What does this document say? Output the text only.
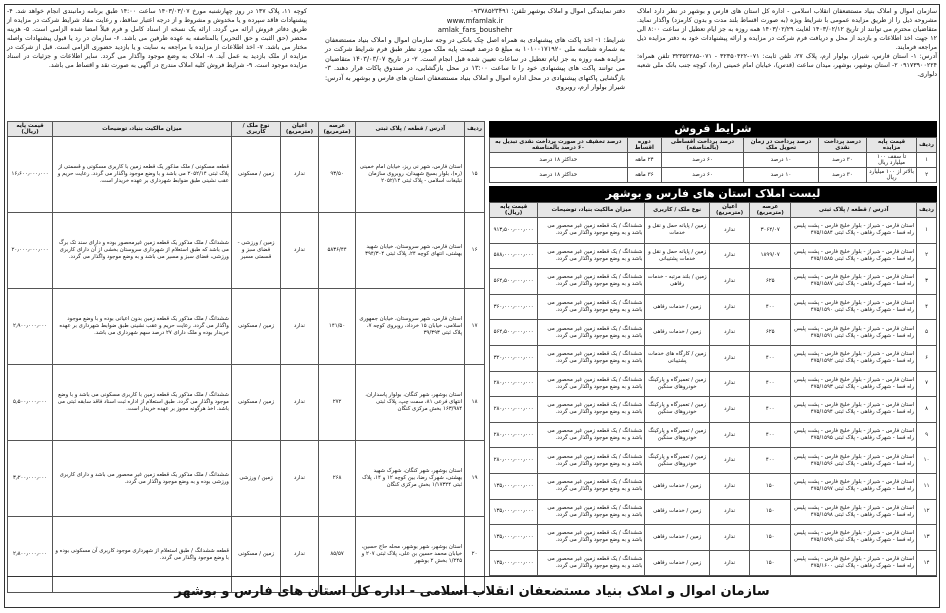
سازمان اموال و املاک بنیاد مستضعفان انقلاب اسلامی - اداره کل استان های فارس و بوشهر در نظر دارد املاک مشروحه ذیل را از طریق مزایده عمومی با شرایط ویژه (به صورت اقساط بلند مدت و بدون کارمزد) واگذار نماید. متقاضیان محترم می توانند از تاریخ ۱۴۰۳/۰۲/۱۲ لغایت ۱۴۰۳/۰۲/۲۹ همه روزه به جز ایام تعطیل از ساعت ۸:۰۰ الی ۱۲ جهت اخذ اطلاعات و بازدید از محل و دریافت فرم شرکت در مزایده و ارائه پیشنهادات خود به دفتر مزایده ذیل مراجعه فرمایند.
آدرس: ۱- استان فارس، شیراز، بولوار ارم، پلاک ۲۷، تلفن ثابت: ۰۷۱-۳۲۳۵۰۴۲۲ - ۰۷۱-۳۲۳۵۲۲۸۵ تلفن همراه: ۰۹۱۷۳۹۰۰۲۲۴ ۲- استان بوشهر، بوشهر، میدان ساعت (قدس)، خیابان امام خمینی (ره)، کوچه جنب بانک ملی شعبه دلواری.
دفتر نمایندگی اموال و املاک بوشهر تلفن: ۰۹۳۷۸۵۲۳۴۹۱
www.mfamlak.ir
amlak_fars_boushehr
شرایط: ۱- اخذ پاکت های پیشنهادی به همراه اصل چک بانکی در وجه سازمان اموال و املاک بنیاد مستضعفان به شماره شناسه ملی ۱۰۱۰۰۱۷۱۹۲۰ به مبلغ ۵ درصد قیمت پایه ملک مورد نظر طبق فرم شرایط شرکت در مزایده همه روزه به جز ایام تعطیل در ساعات تعیین شده قبل انجام است. ۲- در تاریخ ۱۴۰۳/۰۳/۰۷ متقاضیان می توانند پاکت های پیشنهادی خود را تا ساعت ۱۳:۰۰ در محل بازگشایی، در صندوق پاکات قرار دهند. ۳- بازگشایی پاکتهای پیشنهادی در محل اداره اموال و املاک بنیاد مستضعفان استان های فارس و بوشهر به آدرس: شیراز بولوار ارم، روبروی
کوچه ۱۱، پلاک ۱۳۷ در روز چهارشنبه مورخ ۱۴۰۳/۰۳/۰۷ ساعت ۱۴:۰۰ طبق برنامه زمانبندی انجام خواهد شد. ۴- پیشنهادات فاقد سپرده و یا مخدوش و مشروط و از درجه اعتبار ساقط، و رعایت مفاد شرایط شرکت در مزایده از طریق دفاتر فروش ارائه می گردد. ارائه یک نسخه از اسناد کامل و فرم قبلاً امضا شده الزامی است. ۵- هزینه محضر (حق الثبت و حق التحریر) بالمناصفه به عهده طرفین می باشد. ۶- سازمان در رد یا قبول پیشنهادات واصله مختار می باشد. ۷- اخذ اطلاعات از مزایده با مراجعه به سایت و یا بازدید حضوری الزامی است. قبل از شرکت در مزایده از ملک بازدید به عمل آید. ۸- املاک به وضع موجود واگذار می گردد. سایر اطلاعات و جزئیات در اسناد مزایده موجود است. ۹- شرایط فروش کلیه املاک مندرج در آگهی به صورت نقد و اقساط می باشد.
شرایط فروش
ردیف	قیمت پایه مزایده	درصد پرداخت نقدی	درصد پرداخت در زمان تحویل ملک	درصد پرداخت اقساطی (بالمناصفه)	دوره اقساط	درصد تخفیف در صورت پرداخت نقدی تبدیل به ۶۰ درصد بالمناصفه
۱	تا سقف ۱۰۰ میلیارد ریال	۳۰ درصد	۱۰ درصد	۶۰ درصد	۲۴ ماهه	حداکثر ۱۸ درصد
۲	بالاتر از ۱۰۰ میلیارد ریال	۳۰ درصد	۱۰ درصد	۶۰ درصد	۳۶ ماهه	حداکثر ۱۸ درصد
لیست املاک استان های فارس و بوشهر
ردیف	آدرس / قطعه / پلاک ثبتی	عرصه (مترمربع)	اعیان (مترمربع)	نوع ملک / کاربری	میزان مالکیت بنیاد، توضیحات	قیمت پایه (ریال)
۱	استان فارس - شیراز - بلوار خلیج فارس - پشت پلیس راه فسا - شهرک رفاهی - پلاک ثبتی ۴۷۵/۱۵۸۴	۳۰۶۲/۰۷	ندارد	زمین / پایانه حمل و نقل و خدمات	ششدانگ / یک قطعه زمین غیر محصور می باشد و به وضع موجود واگذار می گردد.	۹۱۳٫۵۰۰٫۰۰۰٫۰۰۰
۲	استان فارس - شیراز - بلوار خلیج فارس - پشت پلیس راه فسا - شهرک رفاهی - پلاک ثبتی ۴۷۵/۱۵۸۵	۱۸۹۹/۰۷	ندارد	زمین / پایانه حمل و نقل و خدمات پشتیبانی	ششدانگ / یک قطعه زمین غیر محصور می باشد و به وضع موجود واگذار می گردد.	۵۸۸٫۰۰۰٫۰۰۰٫۰۰۰
۳	استان فارس - شیراز - بلوار خلیج فارس - پشت پلیس راه فسا - شهرک رفاهی - پلاک ثبتی ۴۷۵/۱۵۸۷	۶۲۵	ندارد	زمین / بلند مرتبه - خدمات رفاهی	ششدانگ / یک قطعه زمین غیر محصور می باشد و به وضع موجود واگذار می گردد.	۵۶۲٫۵۰۰٫۰۰۰٫۰۰۰
۴	استان فارس - شیراز - بلوار خلیج فارس - پشت پلیس راه فسا - شهرک رفاهی - پلاک ثبتی ۴۷۵/۱۵۹۰	۴۰۰	ندارد	زمین / خدمات رفاهی	ششدانگ / یک قطعه زمین غیر محصور می باشد و به وضع موجود واگذار می گردد.	۳۶۰٫۰۰۰٫۰۰۰٫۰۰۰
۵	استان فارس - شیراز - بلوار خلیج فارس - پشت پلیس راه فسا - شهرک رفاهی - پلاک ثبتی ۴۷۵/۱۵۹۱	۶۲۵	ندارد	زمین / خدمات رفاهی	ششدانگ / یک قطعه زمین غیر محصور می باشد و به وضع موجود واگذار می گردد.	۵۶۲٫۵۰۰٫۰۰۰٫۰۰۰
۶	استان فارس - شیراز - بلوار خلیج فارس - پشت پلیس راه فسا - شهرک رفاهی - پلاک ثبتی ۴۷۵/۱۵۹۲	۴۰۰	ندارد	زمین / کارگاه های خدمات پشتیبانی	ششدانگ / یک قطعه زمین غیر محصور می باشد و به وضع موجود واگذار می گردد.	۳۲۰٫۰۰۰٫۰۰۰٫۰۰۰
۷	استان فارس - شیراز - بلوار خلیج فارس - پشت پلیس راه فسا - شهرک رفاهی - پلاک ثبتی ۴۷۵/۱۵۹۳	۴۰۰	ندارد	زمین / تعمیرگاه و پارکینگ خودروهای سنگین	ششدانگ / یک قطعه زمین غیر محصور می باشد و به وضع موجود واگذار می گردد.	۲۸۰٫۰۰۰٫۰۰۰٫۰۰۰
۸	استان فارس - شیراز - بلوار خلیج فارس - پشت پلیس راه فسا - شهرک رفاهی - پلاک ثبتی ۴۷۵/۱۵۹۴	۴۰۰	ندارد	زمین / تعمیرگاه و پارکینگ خودروهای سنگین	ششدانگ / یک قطعه زمین غیر محصور می باشد و به وضع موجود واگذار می گردد.	۲۸۰٫۰۰۰٫۰۰۰٫۰۰۰
۹	استان فارس - شیراز - بلوار خلیج فارس - پشت پلیس راه فسا - شهرک رفاهی - پلاک ثبتی ۴۷۵/۱۵۹۵	۴۰۰	ندارد	زمین / تعمیرگاه و پارکینگ خودروهای سنگین	ششدانگ / یک قطعه زمین غیر محصور می باشد و به وضع موجود واگذار می گردد.	۲۸۰٫۰۰۰٫۰۰۰٫۰۰۰
۱۰	استان فارس - شیراز - بلوار خلیج فارس - پشت پلیس راه فسا - شهرک رفاهی - پلاک ثبتی ۴۷۵/۱۵۹۶	۴۰۰	ندارد	زمین / تعمیرگاه و پارکینگ خودروهای سنگین	ششدانگ / یک قطعه زمین غیر محصور می باشد و به وضع موجود واگذار می گردد.	۲۸۰٫۰۰۰٫۰۰۰٫۰۰۰
۱۱	استان فارس - شیراز - بلوار خلیج فارس - پشت پلیس راه فسا - شهرک رفاهی - پلاک ثبتی ۴۷۵/۱۵۹۷	۱۵۰	ندارد	زمین / خدمات رفاهی	ششدانگ / یک قطعه زمین غیر محصور می باشد و به وضع موجود واگذار می گردد.	۱۳۵٫۰۰۰٫۰۰۰٫۰۰۰
۱۲	استان فارس - شیراز - بلوار خلیج فارس - پشت پلیس راه فسا - شهرک رفاهی - پلاک ثبتی ۴۷۵/۱۵۹۸	۱۵۰	ندارد	زمین / خدمات رفاهی	ششدانگ / یک قطعه زمین غیر محصور می باشد و به وضع موجود واگذار می گردد.	۱۳۵٫۰۰۰٫۰۰۰٫۰۰۰
۱۳	استان فارس - شیراز - بلوار خلیج فارس - پشت پلیس راه فسا - شهرک رفاهی - پلاک ثبتی ۴۷۵/۱۵۹۹	۱۵۰	ندارد	زمین / خدمات رفاهی	ششدانگ / یک قطعه زمین غیر محصور می باشد و به وضع موجود واگذار می گردد.	۱۳۵٫۰۰۰٫۰۰۰٫۰۰۰
۱۴	استان فارس - شیراز - بلوار خلیج فارس - پشت پلیس راه فسا - شهرک رفاهی - پلاک ثبتی ۴۷۵/۱۶۰۰	۱۵۰	ندارد	زمین / خدمات رفاهی	ششدانگ / یک قطعه زمین غیر محصور می باشد و به وضع موجود واگذار می گردد.	۱۳۵٫۰۰۰٫۰۰۰٫۰۰۰
ردیف	آدرس / قطعه / پلاک ثبتی	عرصه (مترمربع)	اعیان (مترمربع)	نوع ملک / کاربری	میزان مالکیت بنیاد، توضیحات	قیمت پایه (ریال)
۱۵	استان فارس، شهر نی ریز، خیابان امام خمینی (ره)، بلوار بسیج شهیدان، روبروی سازمان تبلیغات اسلامی - پلاک ثبتی ۲۰۵۲/۱۴	۹۳/۵۰	ندارد	زمین / مسکونی	قطعه مسکونی / ملک مذکور یک قطعه زمین با کاربری مسکونی و قسمتی از پلاک ثبتی ۲۰۵۲/۱۴ می باشد و با وضع موجود واگذار می گردد. رعایت حریم و عقب نشینی طبق ضوابط شهرداری بر عهده خریدار است.	۱۶٫۶۰۰٫۰۰۰٫۰۰۰
۱۶	استان فارس، شهر سروستان، خیابان شهید بهشتی، انتهای کوچه ۲۴، پلاک ثبتی ۳۹۴/۳۰۴	۵۸۳۶/۴۴	ندارد	زمین / ورزشی - فضای سبز و قسمتی مسیر	ششدانگ / ملک مذکور یک قطعه زمین غیرمحصور بوده و دارای سند تک برگ می باشد که طبق استعلام از شهرداری سروستان بخشی از آن دارای کاربری ورزشی، فضای سبز و مسیر می باشد و به وضع موجود واگذار می گردد.	۲۰٫۰۰۰٫۰۰۰٫۰۰۰
۱۷	استان فارس، شهر سروستان، خیابان جمهوری اسلامی، خیابان ۱۵ خرداد، روبروی کوچه ۷، پلاک ثبتی ۳۹/۳۹۳	۱۴۱/۵۰	ندارد	زمین / مسکونی	ششدانگ / ملک مذکور یک قطعه زمین بدون اعیانی بوده و با وضع موجود واگذار می گردد. رعایت حریم و عقب نشینی طبق ضوابط شهرداری بر عهده خریدار بوده و ملک دارای ۲۷ درصد سهم شهرداری می باشد.	۲٫۹۰۰٫۰۰۰٫۰۰۰
۱۸	استان بوشهر، شهر کنگان، بولوار پاسداران، انتهای فرعی ۸۱، سمت چپ، پلاک ثبتی ۱۶۳/۹۸۴ بخش مرکزی کنگان	۲۷۲	ندارد	زمین / مسکونی	ششدانگ / ملک مذکور یک قطعه زمین با کاربری مسکونی می باشد و با وضع موجود واگذار می گردد. طبق استعلام از اداره ثبت اسناد فاقد سابقه ثبتی می باشد. اخذ هرگونه مجوز بر عهده خریدار است.	۵٫۵۰۰٫۰۰۰٫۰۰۰
۱۹	استان بوشهر، شهر کنگان، شهرک شهید بهشتی، شهرک رضا، بین کوچه ۱۲ و ۱۴، پلاک ثبتی ۱/۱۷۳۲۴ بخش مرکزی کنگان	۲۶۸	ندارد	زمین / ورزشی	ششدانگ / ملک مذکور یک قطعه زمین غیر محصور می باشد و دارای کاربری ورزشی بوده و به وضع موجود واگذار می گردد.	۳٫۲۰۰٫۰۰۰٫۰۰۰
۲۰	استان بوشهر، شهر بوشهر، محله حاج حسین، خیابان محمد حسین بن علی، پلاک ثبتی ۲۰۷ و ۱/۲۴۵ بخش ۲ بوشهر	۸۵/۵۷	ندارد	زمین / مسکونی	قطعه ششدانگ / طبق استعلام از شهرداری موجود کاربری آن مسکونی بوده و با وضع موجود واگذار می گردد.	۲٫۸۰۰٫۰۰۰٫۰۰۰
سازمان اموال و املاک بنیاد مستضعفان انقلاب اسلامی - اداره کل استان های فارس و بوشهر
